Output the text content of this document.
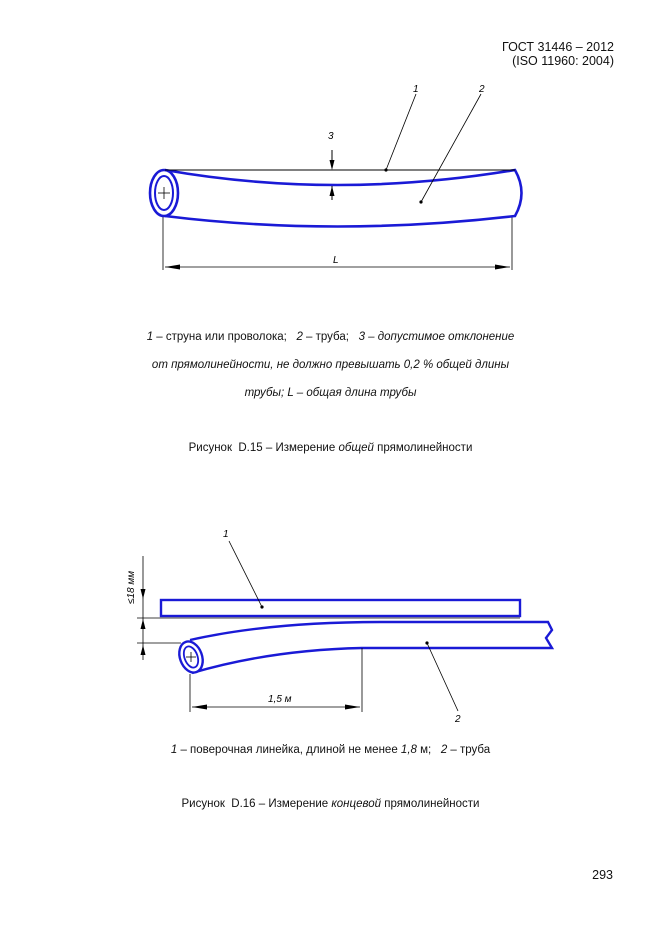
ГОСТ 31446 – 2012
(ISO 11960: 2004)
1	2
3
L
1 – струна или проволока;   2 – труба;   3 – допустимое отклонение
от прямолинейности, не должно превышать 0,2 % общей длины
трубы; L – общая длина трубы
Рисунок  D.15 – Измерение общей прямолинейности
≤18 мм
1,5 м
1
2
1 – поверочная линейка, длиной не менее 1,8 м;   2 – труба
Рисунок  D.16 – Измерение концевой прямолинейности
293
